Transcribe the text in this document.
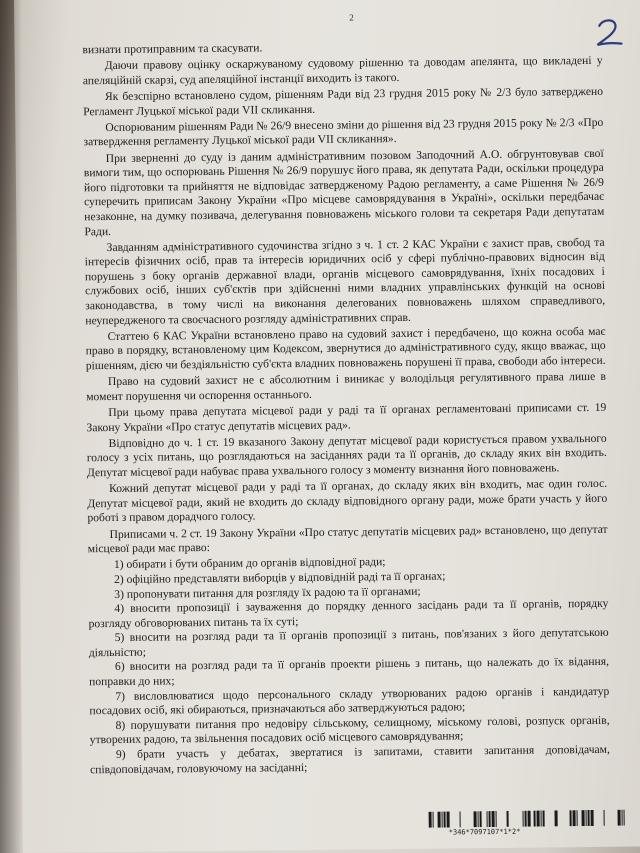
2

визнати протиправним та скасувати.

Даючи правову оцінку оскаржуваному судовому рішенню та доводам апелянта, що викладені у апеляційній скарзі, суд апеляційної інстанції виходить із такого.

Як безспірно встановлено судом, рішенням Ради від 23 грудня 2015 року № 2/3 було затверджено Регламент Луцької міської ради VII скликання.

Оспорюваним рішенням Ради № 26/9 внесено зміни до рішення від 23 грудня 2015 року № 2/3 «Про затвердження регламенту Луцької міської ради VII скликання».

При зверненні до суду із даним адміністративним позовом Заподочний А.О. обгрунтовував свої вимоги тим, що оспорювань Рішення № 26/9 порушує його права, як депутата Ради, оскільки процедура його підготовки та прийняття не відповідає затвердженому Радою регламенту, а саме Рішення № 26/9 суперечить приписам Закону України «Про місцеве самоврядування в Україні», оскільки передбачає незаконне, на думку позивача, делегування повноважень міського голови та секретаря Ради депутатам Ради.

Завданням адміністративного судочинства згідно з ч. 1 ст. 2 КАС України є захист прав, свобод та інтересів фізичних осіб, прав та інтересів юридичних осіб у сфері публічно-правових відносин від порушень з боку органів державної влади, органів місцевого самоврядування, їхніх посадових і службових осіб, інших суб'єктів при здійсненні ними владних управлінських функцій на основі законодавства, в тому числі на виконання делегованих повноважень шляхом справедливого, неупередженого та своєчасного розгляду адміністративних справ.

Статтею 6 КАС України встановлено право на судовий захист і передбачено, що кожна особа має право в порядку, встановленому цим Кодексом, звернутися до адміністративного суду, якщо вважає, що рішенням, дією чи бездіяльністю суб'єкта владних повноважень порушені її права, свободи або інтереси.

Право на судовий захист не є абсолютним і виникає у володільця регулятивного права лише в момент порушення чи оспорення останнього.

При цьому права депутата місцевої ради у раді та її органах регламентовані приписами ст. 19 Закону України «Про статус депутатів місцевих рад».

Відповідно до ч. 1 ст. 19 вказаного Закону депутат місцевої ради користується правом ухвального голосу з усіх питань, що розглядаються на засіданнях ради та її органів, до складу яких він входить. Депутат місцевої ради набуває права ухвального голосу з моменту визнання його повноважень.

Кожний депутат місцевої ради у раді та її органах, до складу яких він входить, має один голос. Депутат місцевої ради, який не входить до складу відповідного органу ради, може брати участь у його роботі з правом дорадчого голосу.

Приписами ч. 2 ст. 19 Закону України «Про статус депутатів місцевих рад» встановлено, що депутат місцевої ради має право:

1) обирати і бути обраним до органів відповідної ради;

2) офіційно представляти виборців у відповідній раді та її органах;

3) пропонувати питання для розгляду їх радою та її органами;

4) вносити пропозиції і зауваження до порядку денного засідань ради та її органів, порядку розгляду обговорюваних питань та їх суті;

5) вносити на розгляд ради та її органів пропозиції з питань, пов'язаних з його депутатською діяльністю;

6) вносити на розгляд ради та її органів проекти рішень з питань, що належать до їх відання, поправки до них;

7) висловлюватися щодо персонального складу утворюваних радою органів і кандидатур посадових осіб, які обираються, призначаються або затверджуються радою;

8) порушувати питання про недовіру сільському, селищному, міському голові, розпуск органів, утворених радою, та звільнення посадових осіб місцевого самоврядування;

9) брати участь у дебатах, звертатися із запитами, ставити запитання доповідачам, співдоповідачам, головуючому на засіданні;

*346*7097107*1*2*
